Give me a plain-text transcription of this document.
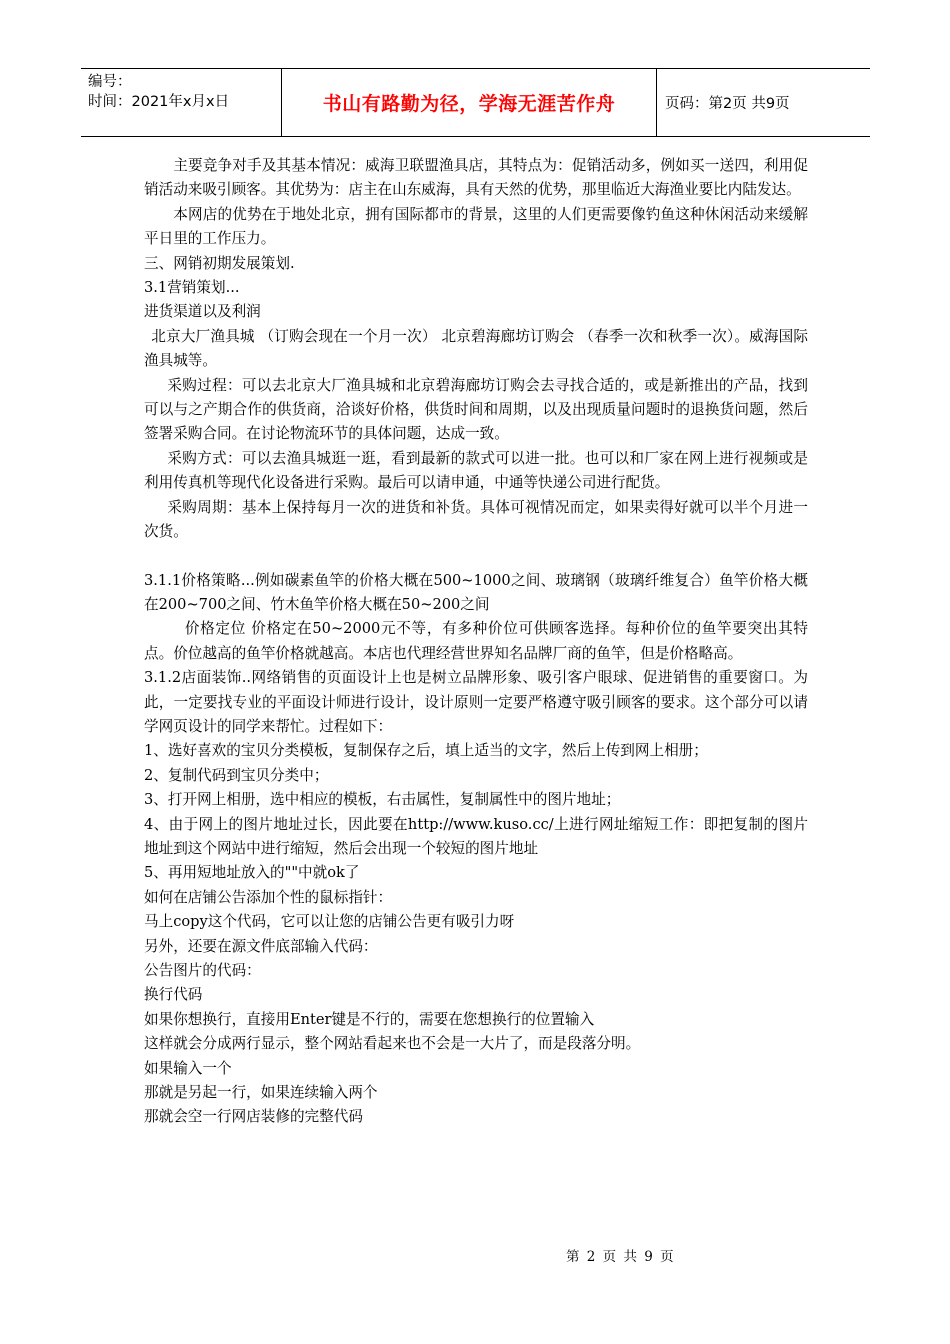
编号：
时间：2021年x月x日	书山有路勤为径，学海无涯苦作舟	页码：第2页 共9页

主要竞争对手及其基本情况：威海卫联盟渔具店，其特点为：促销活动多，例如买一送四，利用促销活动来吸引顾客。其优势为：店主在山东威海，具有天然的优势，那里临近大海渔业要比内陆发达。

本网店的优势在于地处北京，拥有国际都市的背景，这里的人们更需要像钓鱼这种休闲活动来缓解平日里的工作压力。

三、网销初期发展策划.

3.1营销策划...

进货渠道以及利润

北京大厂渔具城 （订购会现在一个月一次） 北京碧海廊坊订购会 （春季一次和秋季一次）。威海国际渔具城等。

采购过程：可以去北京大厂渔具城和北京碧海廊坊订购会去寻找合适的，或是新推出的产品，找到可以与之产期合作的供货商，洽谈好价格，供货时间和周期，以及出现质量问题时的退换货问题，然后签署采购合同。在讨论物流环节的具体问题，达成一致。

采购方式：可以去渔具城逛一逛，看到最新的款式可以进一批。也可以和厂家在网上进行视频或是利用传真机等现代化设备进行采购。最后可以请申通，中通等快递公司进行配货。

采购周期：基本上保持每月一次的进货和补货。具体可视情况而定，如果卖得好就可以半个月进一次货。

3.1.1价格策略...例如碳素鱼竿的价格大概在500~1000之间、玻璃钢（玻璃纤维复合）鱼竿价格大概在200~700之间、竹木鱼竿价格大概在50~200之间

价格定位 价格定在50~2000元不等，有多种价位可供顾客选择。每种价位的鱼竿要突出其特点。价位越高的鱼竿价格就越高。本店也代理经营世界知名品牌厂商的鱼竿，但是价格略高。

3.1.2店面装饰..网络销售的页面设计上也是树立品牌形象、吸引客户眼球、促进销售的重要窗口。为此，一定要找专业的平面设计师进行设计，设计原则一定要严格遵守吸引顾客的要求。这个部分可以请学网页设计的同学来帮忙。过程如下：

1、选好喜欢的宝贝分类模板，复制保存之后，填上适当的文字，然后上传到网上相册；

2、复制代码到宝贝分类中；

3、打开网上相册，选中相应的模板，右击属性，复制属性中的图片地址；

4、由于网上的图片地址过长，因此要在http://www.kuso.cc/上进行网址缩短工作：即把复制的图片地址到这个网站中进行缩短，然后会出现一个较短的图片地址

5、再用短地址放入的""中就ok了

如何在店铺公告添加个性的鼠标指针：

马上copy这个代码，它可以让您的店铺公告更有吸引力呀

另外，还要在源文件底部输入代码：

公告图片的代码：

换行代码

如果你想换行，直接用Enter键是不行的，需要在您想换行的位置输入

这样就会分成两行显示，整个网站看起来也不会是一大片了，而是段落分明。

如果输入一个

那就是另起一行，如果连续输入两个

那就会空一行网店装修的完整代码

第 2 页 共 9 页
